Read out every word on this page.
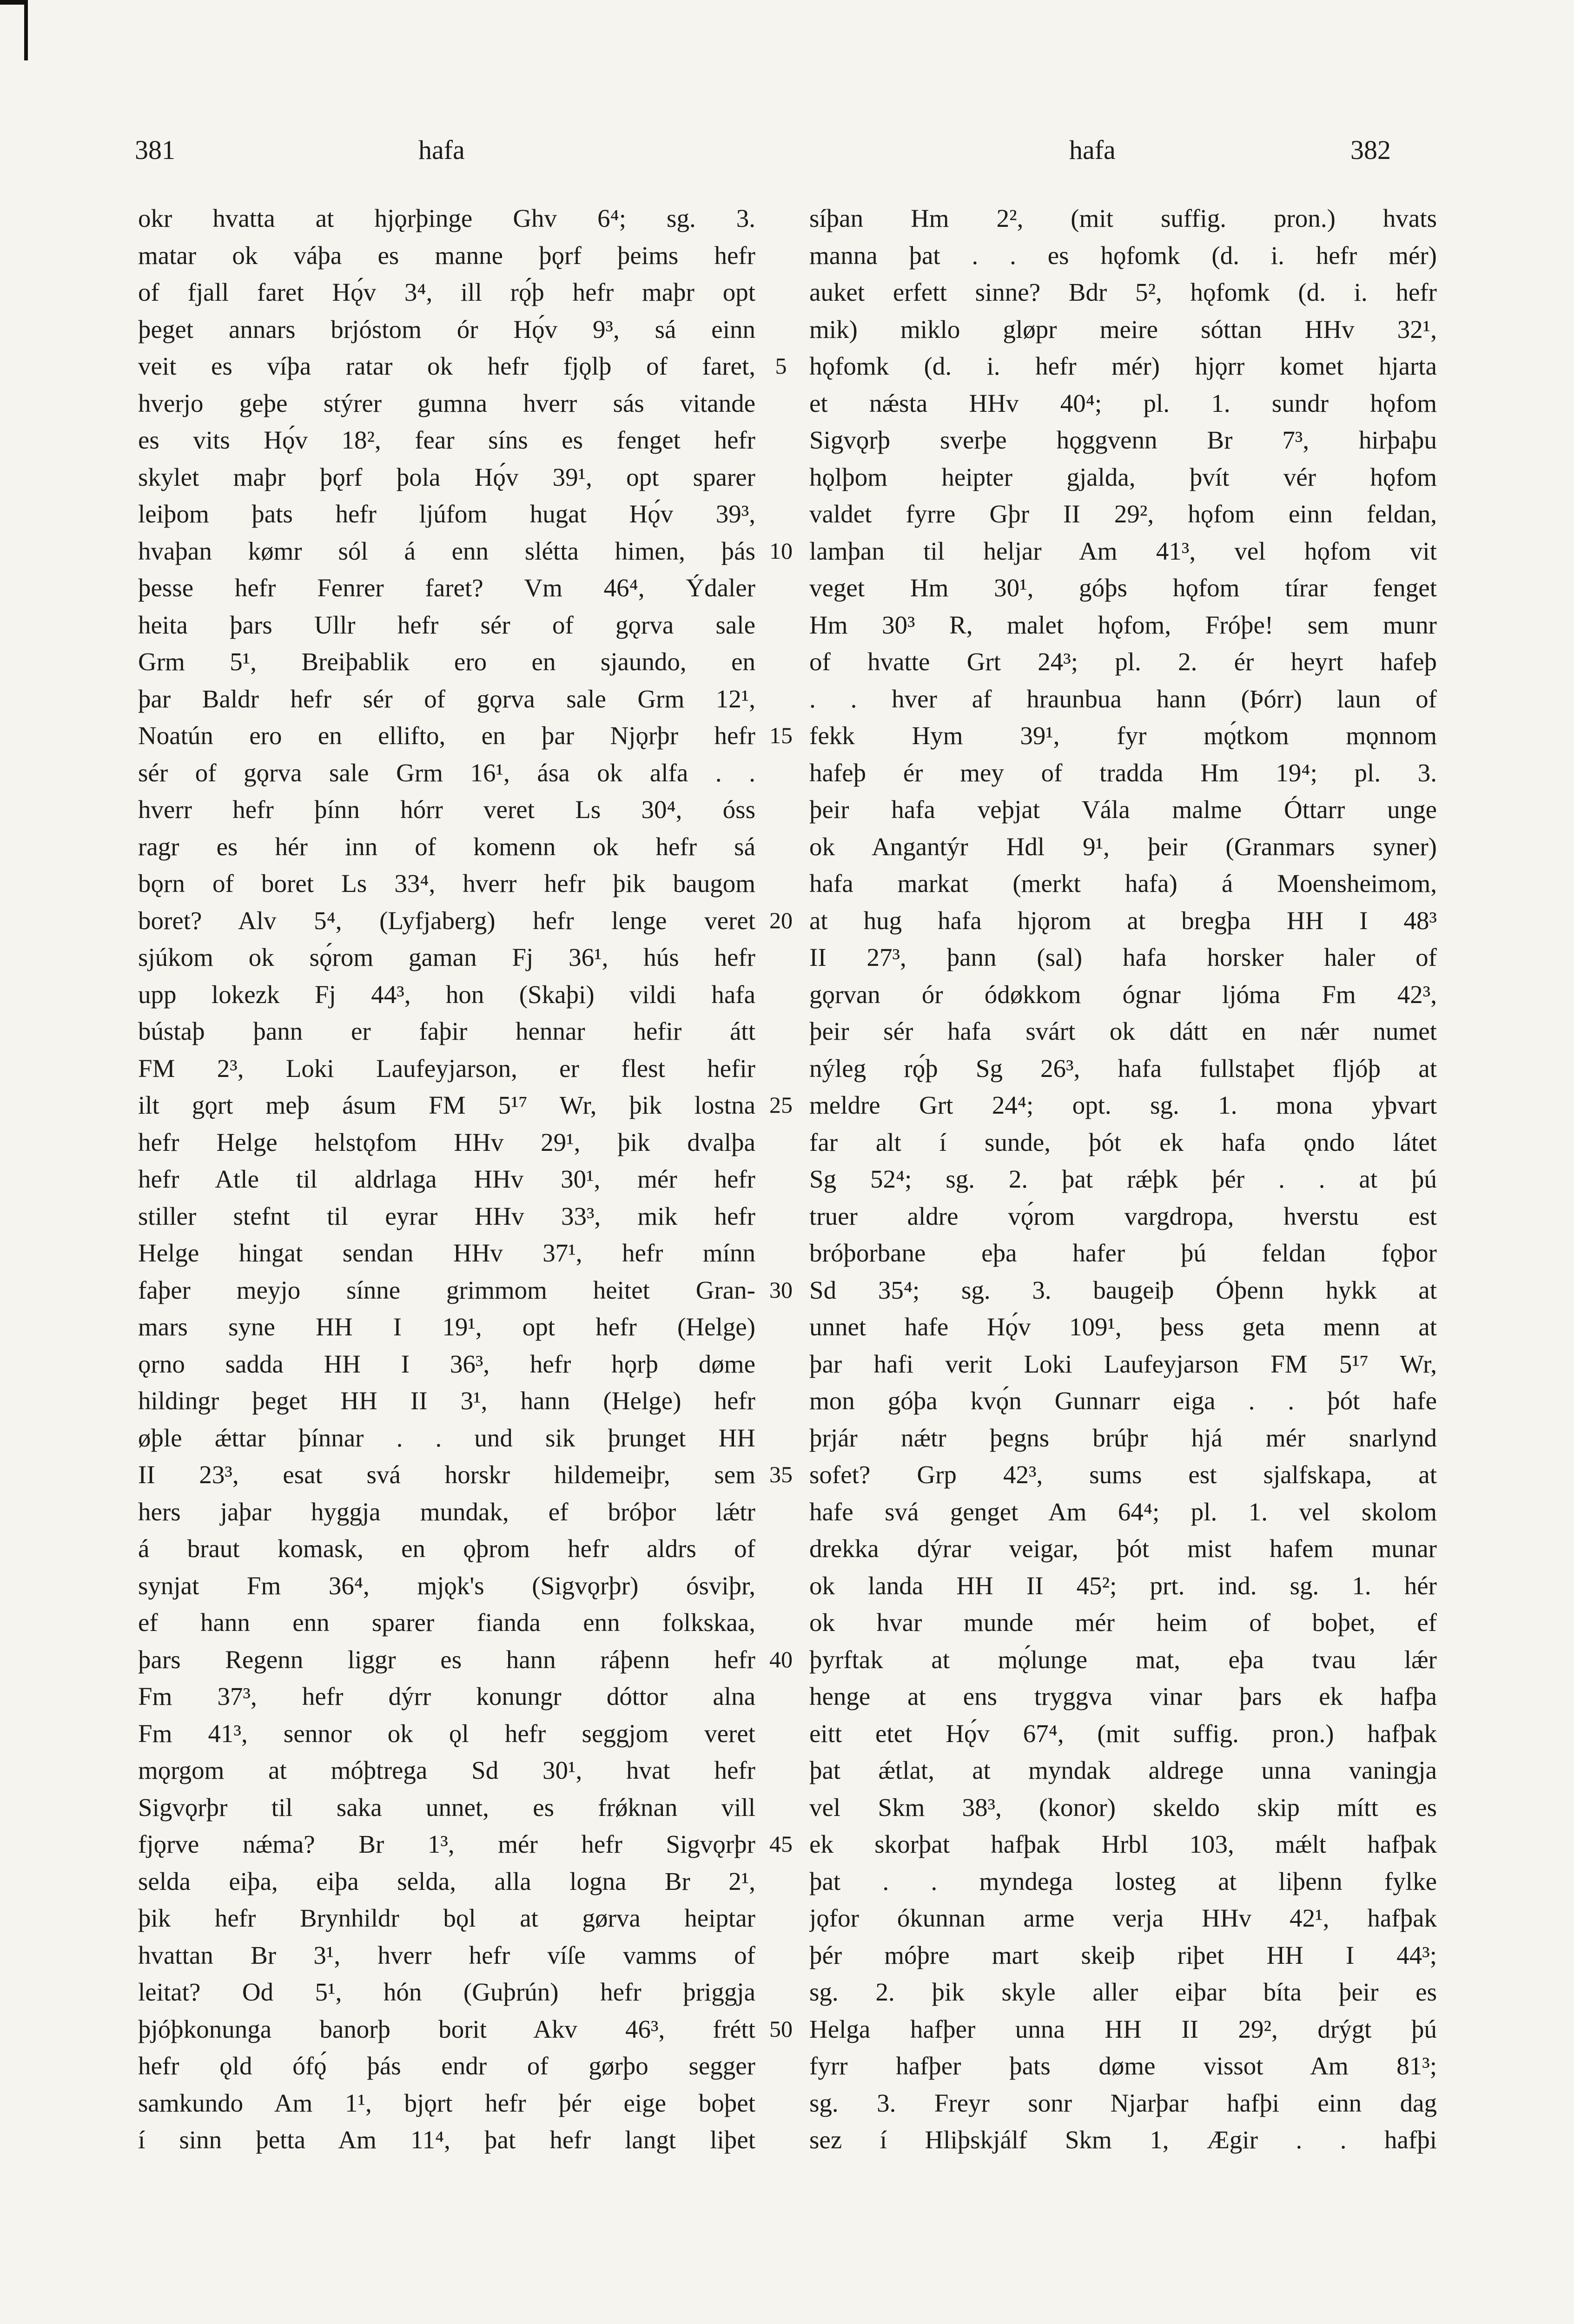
381	hafa	hafa	382
okr hvatta at hjǫrþinge Ghv 6⁴; sg. 3.
matar ok váþa es manne þǫrf þeims hefr
of fjall faret Hǫ́v 3⁴, ill rǫ́þ hefr maþr opt
þeget annars brjóstom ór Hǫ́v 9³, sá einn
veit es víþa ratar ok hefr fjǫlþ of faret,
hverjo geþe stýrer gumna hverr sás vitande
es vits Hǫ́v 18², fear síns es fenget hefr
skylet maþr þǫrf þola Hǫ́v 39¹, opt sparer
leiþom þats hefr ljúfom hugat Hǫ́v 39³,
hvaþan kømr sól á enn slétta himen, þás
þesse hefr Fenrer faret? Vm 46⁴, Ýdaler
heita þars Ullr hefr sér of gǫrva sale
Grm 5¹, Breiþablik ero en sjaundo, en
þar Baldr hefr sér of gǫrva sale Grm 12¹,
Noatún ero en ellifto, en þar Njǫrþr hefr
sér of gǫrva sale Grm 16¹, ása ok alfa . .
hverr hefr þínn hórr veret Ls 30⁴, óss
ragr es hér inn of komenn ok hefr sá
bǫrn of boret Ls 33⁴, hverr hefr þik baugom
boret? Alv 5⁴, (Lyfjaberg) hefr lenge veret
sjúkom ok sǫ́rom gaman Fj 36¹, hús hefr
upp lokezk Fj 44³, hon (Skaþi) vildi hafa
bústaþ þann er faþir hennar hefir átt
FM 2³, Loki Laufeyjarson, er flest hefir
ilt gǫrt meþ ásum FM 5¹⁷ Wr, þik lostna
hefr Helge helstǫfom HHv 29¹, þik dvalþa
hefr Atle til aldrlaga HHv 30¹, mér hefr
stiller stefnt til eyrar HHv 33³, mik hefr
Helge hingat sendan HHv 37¹, hefr mínn
faþer meyjo sínne grimmom heitet Gran-
mars syne HH I 19¹, opt hefr (Helge)
ǫrno sadda HH I 36³, hefr hǫrþ døme
hildingr þeget HH II 3¹, hann (Helge) hefr
øþle ǽttar þínnar . . und sik þrunget HH
II 23³, esat svá horskr hildemeiþr, sem
hers jaþar hyggja mundak, ef bróþor lǽtr
á braut komask, en ǫþrom hefr aldrs of
synjat Fm 36⁴, mjǫk's (Sigvǫrþr) ósviþr,
ef hann enn sparer fianda enn folkskaa,
þars Regenn liggr es hann ráþenn hefr
Fm 37³, hefr dýrr konungr dóttor alna
Fm 41³, sennor ok ǫl hefr seggjom veret
mǫrgom at móþtrega Sd 30¹, hvat hefr
Sigvǫrþr til saka unnet, es frǿknan vill
fjǫrve nǽma? Br 1³, mér hefr Sigvǫrþr
selda eiþa, eiþa selda, alla logna Br 2¹,
þik hefr Brynhildr bǫl at gørva heiptar
hvattan Br 3¹, hverr hefr víſe vamms of
leitat? Od 5¹, hón (Guþrún) hefr þriggja
þjóþkonunga banorþ borit Akv 46³, frétt
hefr ǫld ófǫ́ þás endr of gørþo segger
samkundo Am 1¹, bjǫrt hefr þér eige boþet
í sinn þetta Am 11⁴, þat hefr langt liþet
5
10
15
20
25
30
35
40
45
50
síþan Hm 2², (mit suffig. pron.) hvats
manna þat . . es hǫfomk (d. i. hefr mér)
auket erfett sinne? Bdr 5², hǫfomk (d. i. hefr
mik) miklo gløpr meire sóttan HHv 32¹,
hǫfomk (d. i. hefr mér) hjǫrr komet hjarta
et nǽsta HHv 40⁴; pl. 1. sundr hǫfom
Sigvǫrþ sverþe hǫggvenn Br 7³, hirþaþu
hǫlþom heipter gjalda, þvít vér hǫfom
valdet fyrre Gþr II 29², hǫfom einn feldan,
lamþan til heljar Am 41³, vel hǫfom vit
veget Hm 30¹, góþs hǫfom tírar fenget
Hm 30³ R, malet hǫfom, Fróþe! sem munr
of hvatte Grt 24³; pl. 2. ér heyrt hafeþ
. . hver af hraunbua hann (Þórr) laun of
fekk Hym 39¹, fyr mǫ́tkom mǫnnom
hafeþ ér mey of tradda Hm 19⁴; pl. 3.
þeir hafa veþjat Vála malme Óttarr unge
ok Angantýr Hdl 9¹, þeir (Granmars syner)
hafa markat (merkt hafa) á Moensheimom,
at hug hafa hjǫrom at bregþa HH I 48³
II 27³, þann (sal) hafa horsker haler of
gǫrvan ór ódøkkom ógnar ljóma Fm 42³,
þeir sér hafa svárt ok dátt en nǽr numet
nýleg rǫ́þ Sg 26³, hafa fullstaþet fljóþ at
meldre Grt 24⁴; opt. sg. 1. mona yþvart
far alt í sunde, þót ek hafa ǫndo látet
Sg 52⁴; sg. 2. þat rǽþk þér . . at þú
truer aldre vǫ́rom vargdropa, hverstu est
bróþorbane eþa hafer þú feldan fǫþor
Sd 35⁴; sg. 3. baugeiþ Óþenn hykk at
unnet hafe Hǫ́v 109¹, þess geta menn at
þar hafi verit Loki Laufeyjarson FM 5¹⁷ Wr,
mon góþa kvǫ́n Gunnarr eiga . . þót hafe
þrjár nǽtr þegns brúþr hjá mér snarlynd
sofet? Grp 42³, sums est sjalfskapa, at
hafe svá genget Am 64⁴; pl. 1. vel skolom
drekka dýrar veigar, þót mist hafem munar
ok landa HH II 45²; prt. ind. sg. 1. hér
ok hvar munde mér heim of boþet, ef
þyrftak at mǫ́lunge mat, eþa tvau lǽr
henge at ens tryggva vinar þars ek hafþa
eitt etet Hǫ́v 67⁴, (mit suffig. pron.) hafþak
þat ǽtlat, at myndak aldrege unna vaningja
vel Skm 38³, (konor) skeldo skip mítt es
ek skorþat hafþak Hrbl 103, mǽlt hafþak
þat . . myndega losteg at liþenn fylke
jǫfor ókunnan arme verja HHv 42¹, hafþak
þér móþre mart skeiþ riþet HH I 44³;
sg. 2. þik skyle aller eiþar bíta þeir es
Helga hafþer unna HH II 29², drýgt þú
fyrr hafþer þats døme vissot Am 81³;
sg. 3. Freyr sonr Njarþar hafþi einn dag
sez í Hliþskjálf Skm 1, Ægir . . hafþi
